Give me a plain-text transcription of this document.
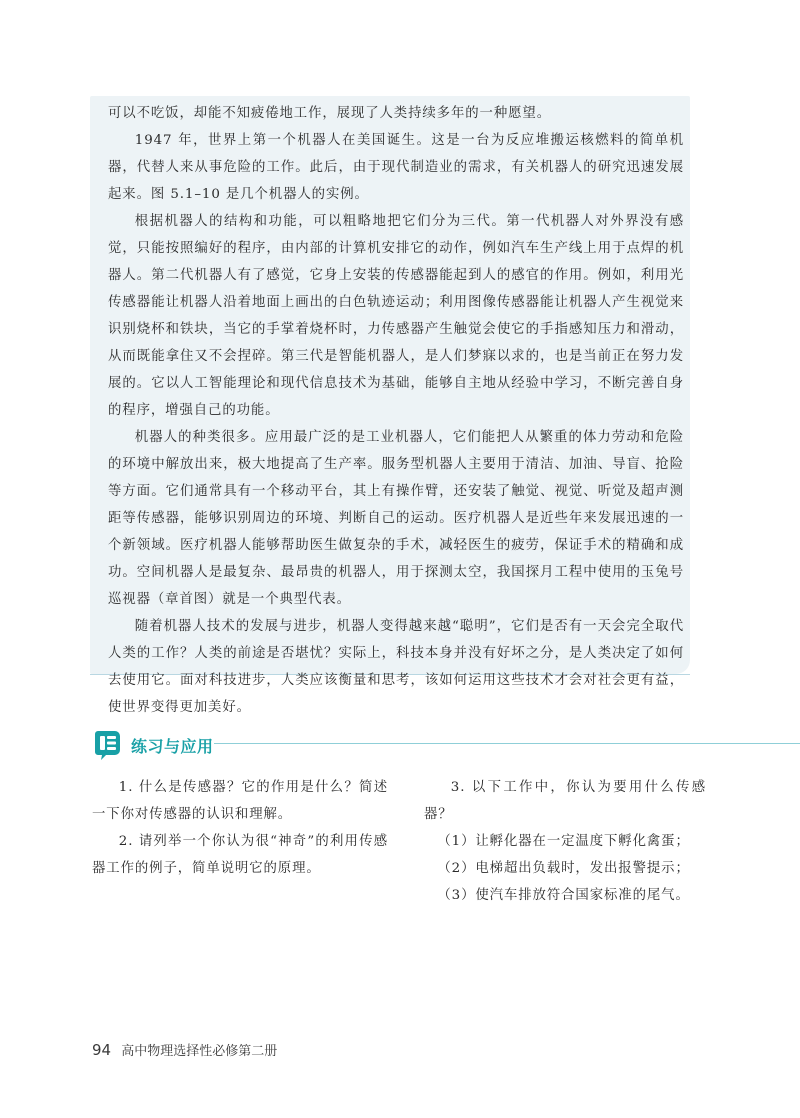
可以不吃饭，却能不知疲倦地工作，展现了人类持续多年的一种愿望。

1947 年，世界上第一个机器人在美国诞生。这是一台为反应堆搬运核燃料的简单机器，代替人来从事危险的工作。此后，由于现代制造业的需求，有关机器人的研究迅速发展起来。图 5.1–10 是几个机器人的实例。

根据机器人的结构和功能，可以粗略地把它们分为三代。第一代机器人对外界没有感觉，只能按照编好的程序，由内部的计算机安排它的动作，例如汽车生产线上用于点焊的机器人。第二代机器人有了感觉，它身上安装的传感器能起到人的感官的作用。例如，利用光传感器能让机器人沿着地面上画出的白色轨迹运动；利用图像传感器能让机器人产生视觉来识别烧杯和铁块，当它的手掌着烧杯时，力传感器产生触觉会使它的手指感知压力和滑动，从而既能拿住又不会捏碎。第三代是智能机器人，是人们梦寐以求的，也是当前正在努力发展的。它以人工智能理论和现代信息技术为基础，能够自主地从经验中学习，不断完善自身的程序，增强自己的功能。

机器人的种类很多。应用最广泛的是工业机器人，它们能把人从繁重的体力劳动和危险的环境中解放出来，极大地提高了生产率。服务型机器人主要用于清洁、加油、导盲、抢险等方面。它们通常具有一个移动平台，其上有操作臂，还安装了触觉、视觉、听觉及超声测距等传感器，能够识别周边的环境、判断自己的运动。医疗机器人是近些年来发展迅速的一个新领域。医疗机器人能够帮助医生做复杂的手术，减轻医生的疲劳，保证手术的精确和成功。空间机器人是最复杂、最昂贵的机器人，用于探测太空，我国探月工程中使用的玉兔号巡视器（章首图）就是一个典型代表。

随着机器人技术的发展与进步，机器人变得越来越“聪明”，它们是否有一天会完全取代人类的工作？人类的前途是否堪忧？实际上，科技本身并没有好坏之分，是人类决定了如何去使用它。面对科技进步，人类应该衡量和思考，该如何运用这些技术才会对社会更有益，使世界变得更加美好。

练习与应用

1. 什么是传感器？它的作用是什么？简述一下你对传感器的认识和理解。

2. 请列举一个你认为很“神奇”的利用传感器工作的例子，简单说明它的原理。

3. 以下工作中，你认为要用什么传感器？

（1）让孵化器在一定温度下孵化禽蛋；

（2）电梯超出负载时，发出报警提示；

（3）使汽车排放符合国家标准的尾气。

94 高中物理选择性必修第二册
